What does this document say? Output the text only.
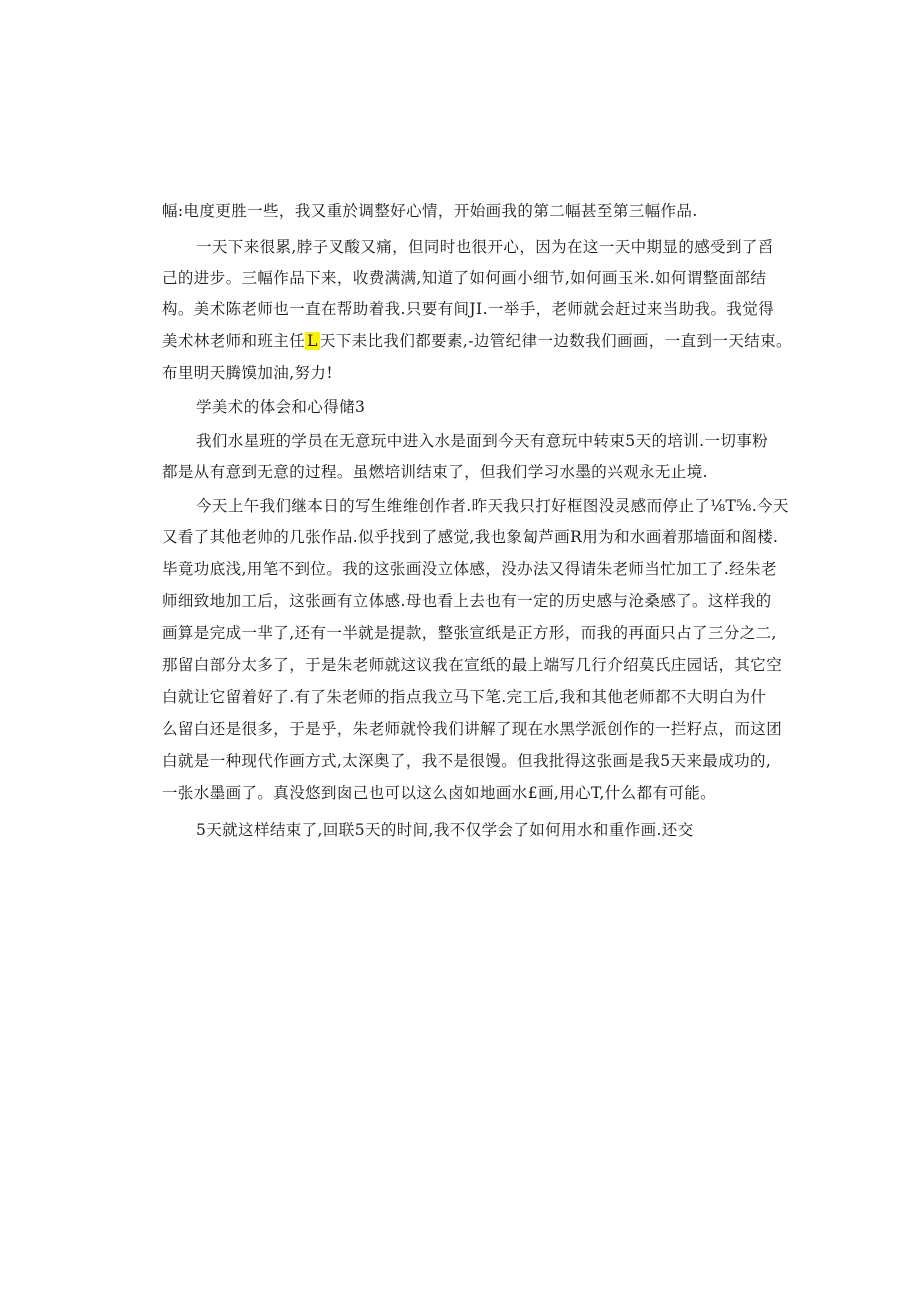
幅:电度更胜一些，我又重於调整好心情，开始画我的第二幅甚至第三幅作品.
一天下来很累,脖子叉酸又痛，但同时也很开心，因为在这一天中期显的感受到了舀
己的进步。三幅作品下来，收费满满,知道了如何画小细节,如何画玉米.如何谓整面部结
构。美术陈老师也一直在帮助着我.只要有间JI.一举手，老师就会赶过来当助我。我觉得
美术林老师和班主任 L 天下耒比我们都要素,-边管纪律一边数我们画画，一直到一天结束。
布里明天腾馍加油,努力!
学美术的体会和心得储3
我们水星班的学员在无意玩中进入水是面到今天有意玩中转束5天的培训.一切事粉
都是从有意到无意的过程。虽燃培训结束了，但我们学习水墨的兴观永无止境.
今天上午我们继本日的写生维维创作者.昨天我只打好框图没灵感而停止了⅛T⅝.今天
又看了其他老帅的几张作品.似乎找到了感觉,我也象匐芦画R用为和水画着那墙面和阁楼.
毕竟功底浅,用笔不到位。我的这张画没立体感，没办法又得请朱老师当忙加工了.经朱老
师细致地加工后，这张画有立体感.母也看上去也有一定的历史感与沧桑感了。这样我的
画算是完成一芈了,还有一半就是提款，整张宣纸是正方形，而我的再面只占了三分之二,
那留白部分太多了，于是朱老师就这议我在宣纸的最上端写几行介绍莫氏庄园话，其它空
白就让它留着好了.有了朱老师的指点我立马下笔.完工后,我和其他老师都不大明白为什
么留白还是很多，于是乎，朱老师就怜我们讲解了现在水黑学派创作的一拦籽点，而这团
白就是一种现代作画方式,太深奥了，我不是很馒。但我批得这张画是我5天来最成功的,
一张水墨画了。真没悠到囱己也可以这么卤如地画水£画,用心T,什么都有可能。
5天就这样结束了,回联5天的时间,我不仅学会了如何用水和重作画.还交
